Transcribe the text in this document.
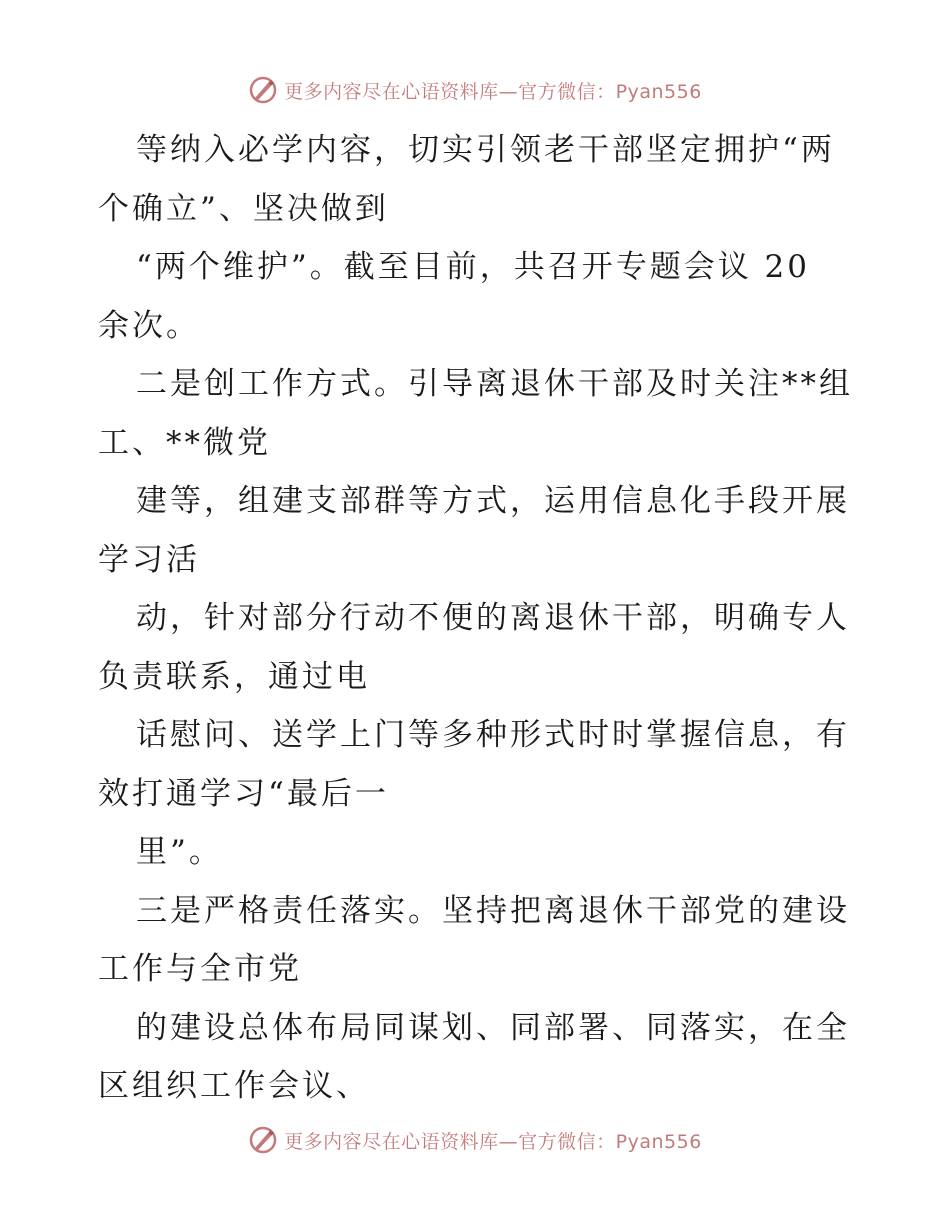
更多内容尽在心语资料库—官方微信：Pyan556

等纳入必学内容，切实引领老干部坚定拥护“两

个确立”、坚决做到

“两个维护”。截至目前，共召开专题会议 20

余次。

二是创工作方式。引导离退休干部及时关注**组

工、**微党

建等，组建支部群等方式，运用信息化手段开展

学习活

动，针对部分行动不便的离退休干部，明确专人

负责联系，通过电

话慰问、送学上门等多种形式时时掌握信息，有

效打通学习“最后一

里”。

三是严格责任落实。坚持把离退休干部党的建设

工作与全市党

的建设总体布局同谋划、同部署、同落实，在全

区组织工作会议、

更多内容尽在心语资料库—官方微信：Pyan556
